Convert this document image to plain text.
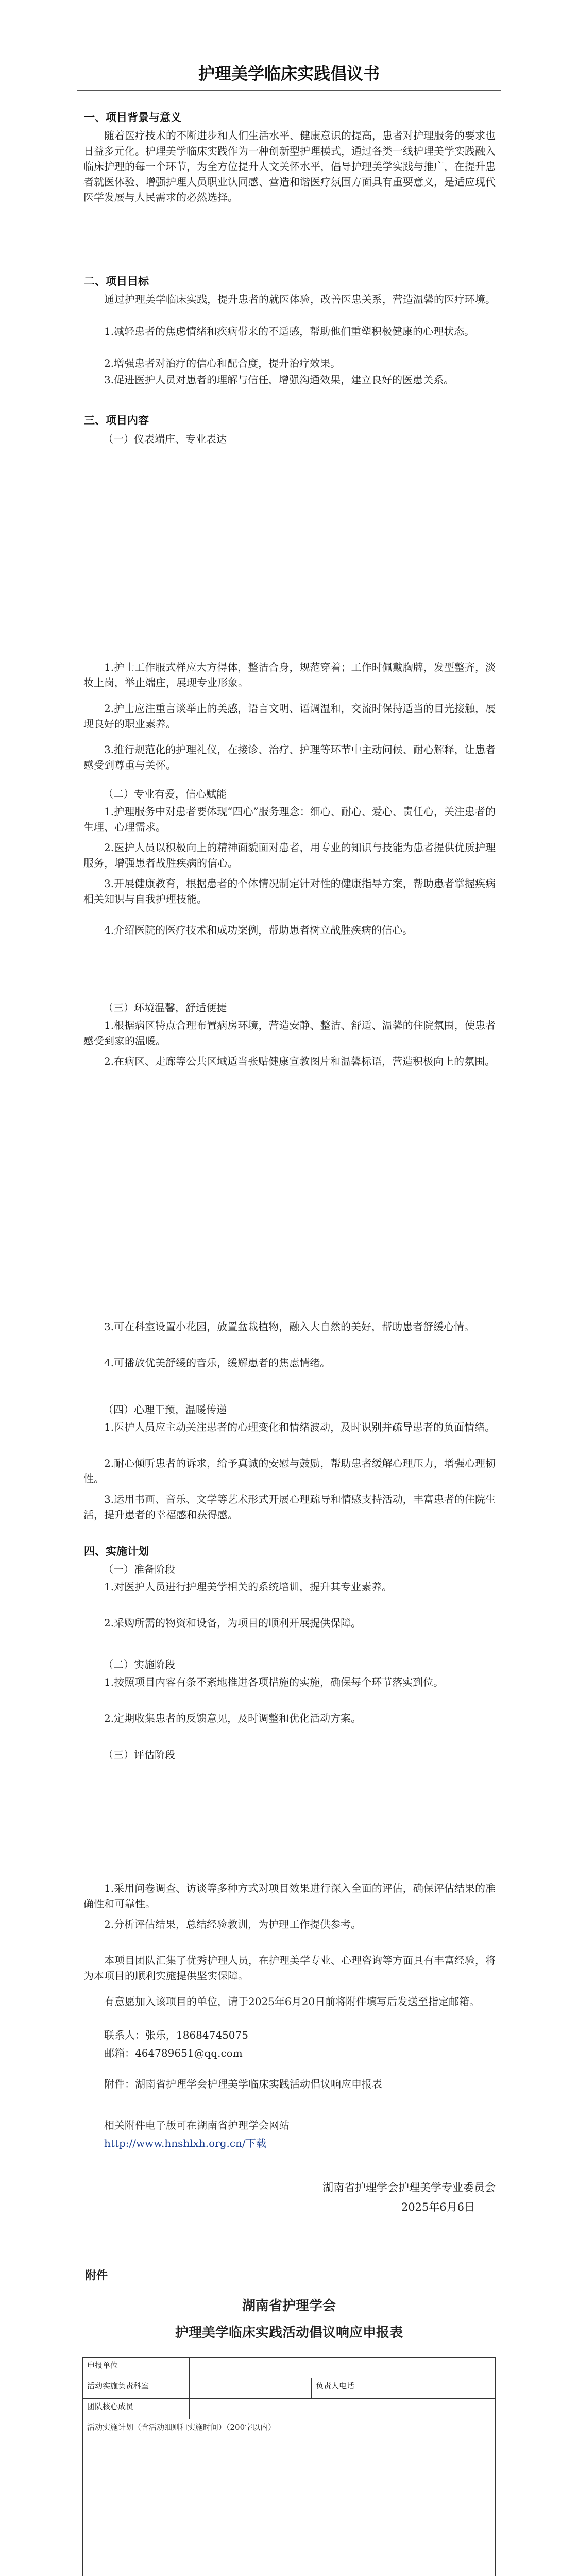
护理美学临床实践倡议书
一、项目背景与意义
随着医疗技术的不断进步和人们生活水平、健康意识的提高，患者对护理服务的要求也日益多元化。护理美学临床实践作为一种创新型护理模式，通过各类一线护理美学实践融入临床护理的每一个环节，为全方位提升人文关怀水平，倡导护理美学实践与推广，在提升患者就医体验、增强护理人员职业认同感、营造和谐医疗氛围方面具有重要意义，是适应现代医学发展与人民需求的必然选择。
二、项目目标
通过护理美学临床实践，提升患者的就医体验，改善医患关系，营造温馨的医疗环境。
1.减轻患者的焦虑情绪和疾病带来的不适感，帮助他们重塑积极健康的心理状态。
2.增强患者对治疗的信心和配合度，提升治疗效果。
3.促进医护人员对患者的理解与信任，增强沟通效果，建立良好的医患关系。
三、项目内容
（一）仪表端庄、专业表达
1.护士工作服式样应大方得体，整洁合身，规范穿着；工作时佩戴胸牌，发型整齐，淡妆上岗，举止端庄，展现专业形象。
2.护士应注重言谈举止的美感，语言文明、语调温和，交流时保持适当的目光接触，展现良好的职业素养。
3.推行规范化的护理礼仪，在接诊、治疗、护理等环节中主动问候、耐心解释，让患者感受到尊重与关怀。
（二）专业有爱，信心赋能
1.护理服务中对患者要体现“四心”服务理念：细心、耐心、爱心、责任心，关注患者的生理、心理需求。
2.医护人员以积极向上的精神面貌面对患者，用专业的知识与技能为患者提供优质护理服务，增强患者战胜疾病的信心。
3.开展健康教育，根据患者的个体情况制定针对性的健康指导方案，帮助患者掌握疾病相关知识与自我护理技能。
4.介绍医院的医疗技术和成功案例，帮助患者树立战胜疾病的信心。
（三）环境温馨，舒适便捷
1.根据病区特点合理布置病房环境，营造安静、整洁、舒适、温馨的住院氛围，使患者感受到家的温暖。
2.在病区、走廊等公共区域适当张贴健康宣教图片和温馨标语，营造积极向上的氛围。
3.可在科室设置小花园，放置盆栽植物，融入大自然的美好，帮助患者舒缓心情。
4.可播放优美舒缓的音乐，缓解患者的焦虑情绪。
（四）心理干预，温暖传递
1.医护人员应主动关注患者的心理变化和情绪波动，及时识别并疏导患者的负面情绪。
2.耐心倾听患者的诉求，给予真诚的安慰与鼓励，帮助患者缓解心理压力，增强心理韧性。
3.运用书画、音乐、文学等艺术形式开展心理疏导和情感支持活动，丰富患者的住院生活，提升患者的幸福感和获得感。
四、实施计划
（一）准备阶段
1.对医护人员进行护理美学相关的系统培训，提升其专业素养。
2.采购所需的物资和设备，为项目的顺利开展提供保障。
（二）实施阶段
1.按照项目内容有条不紊地推进各项措施的实施，确保每个环节落实到位。
2.定期收集患者的反馈意见，及时调整和优化活动方案。
（三）评估阶段
1.采用问卷调查、访谈等多种方式对项目效果进行深入全面的评估，确保评估结果的准确性和可靠性。
2.分析评估结果，总结经验教训，为护理工作提供参考。
本项目团队汇集了优秀护理人员，在护理美学专业、心理咨询等方面具有丰富经验，将为本项目的顺利实施提供坚实保障。
有意愿加入该项目的单位，请于2025年6月20日前将附件填写后发送至指定邮箱。
联系人：张乐，18684745075
邮箱：464789651@qq.com
附件：湖南省护理学会护理美学临床实践活动倡议响应申报表
相关附件电子版可在湖南省护理学会网站
http://www.hnshlxh.org.cn/下载
湖南省护理学会护理美学专业委员会
2025年6月6日
附件
湖南省护理学会
护理美学临床实践活动倡议响应申报表
申报单位			
活动实施负责科室		负责人电话	
团队核心成员			
活动实施计划（含活动细则和实施时间）（200字以内）			
